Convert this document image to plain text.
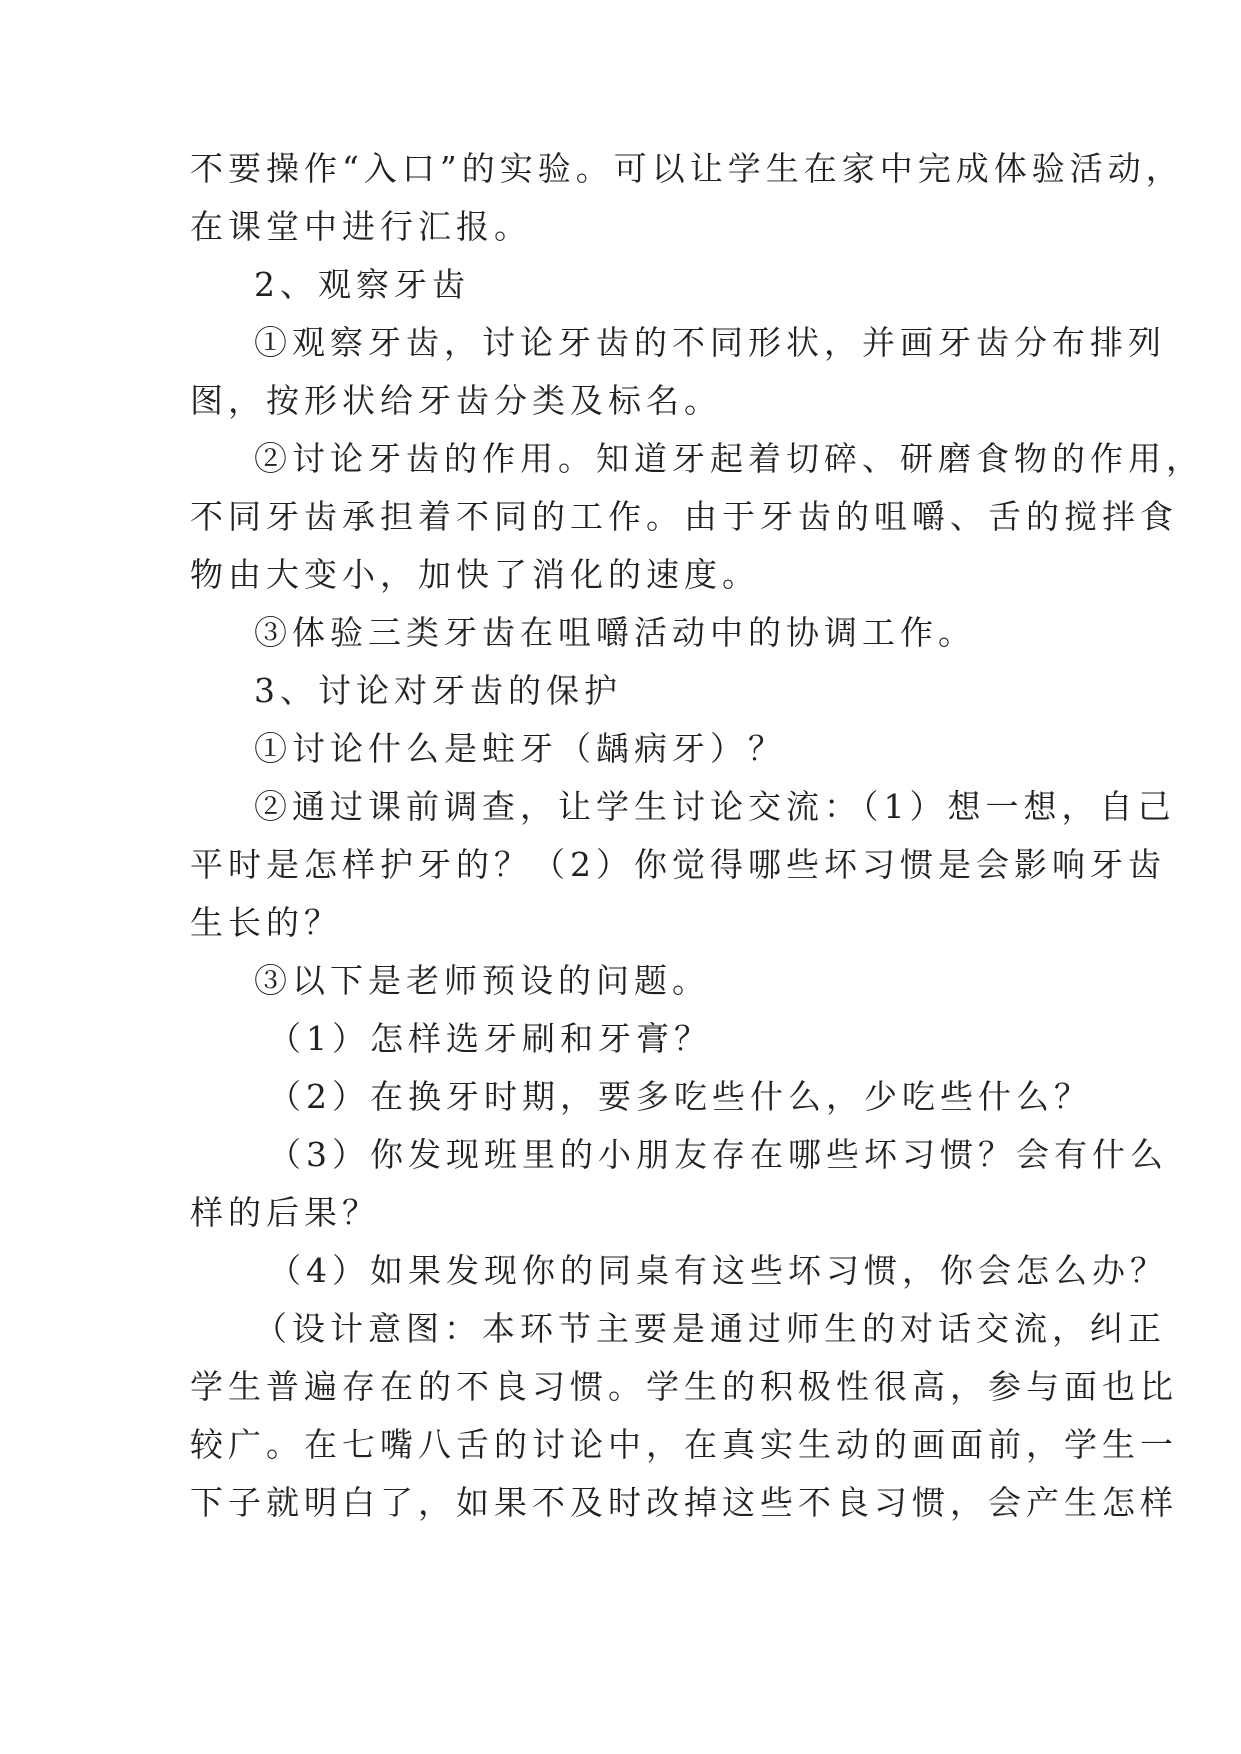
不要操作“入口”的实验。可以让学生在家中完成体验活动，
在课堂中进行汇报。
2、观察牙齿
①观察牙齿，讨论牙齿的不同形状，并画牙齿分布排列
图，按形状给牙齿分类及标名。
②讨论牙齿的作用。知道牙起着切碎、研磨食物的作用，
不同牙齿承担着不同的工作。由于牙齿的咀嚼、舌的搅拌食
物由大变小，加快了消化的速度。
③体验三类牙齿在咀嚼活动中的协调工作。
3、讨论对牙齿的保护
①讨论什么是蛀牙（龋病牙）？
②通过课前调查，让学生讨论交流：（1）想一想，自己
平时是怎样护牙的？（2）你觉得哪些坏习惯是会影响牙齿
生长的？
③以下是老师预设的问题。
（1）怎样选牙刷和牙膏？
（2）在换牙时期，要多吃些什么，少吃些什么？
（3）你发现班里的小朋友存在哪些坏习惯？会有什么
样的后果？
（4）如果发现你的同桌有这些坏习惯，你会怎么办？
（设计意图：本环节主要是通过师生的对话交流，纠正
学生普遍存在的不良习惯。学生的积极性很高，参与面也比
较广。在七嘴八舌的讨论中，在真实生动的画面前，学生一
下子就明白了，如果不及时改掉这些不良习惯，会产生怎样
